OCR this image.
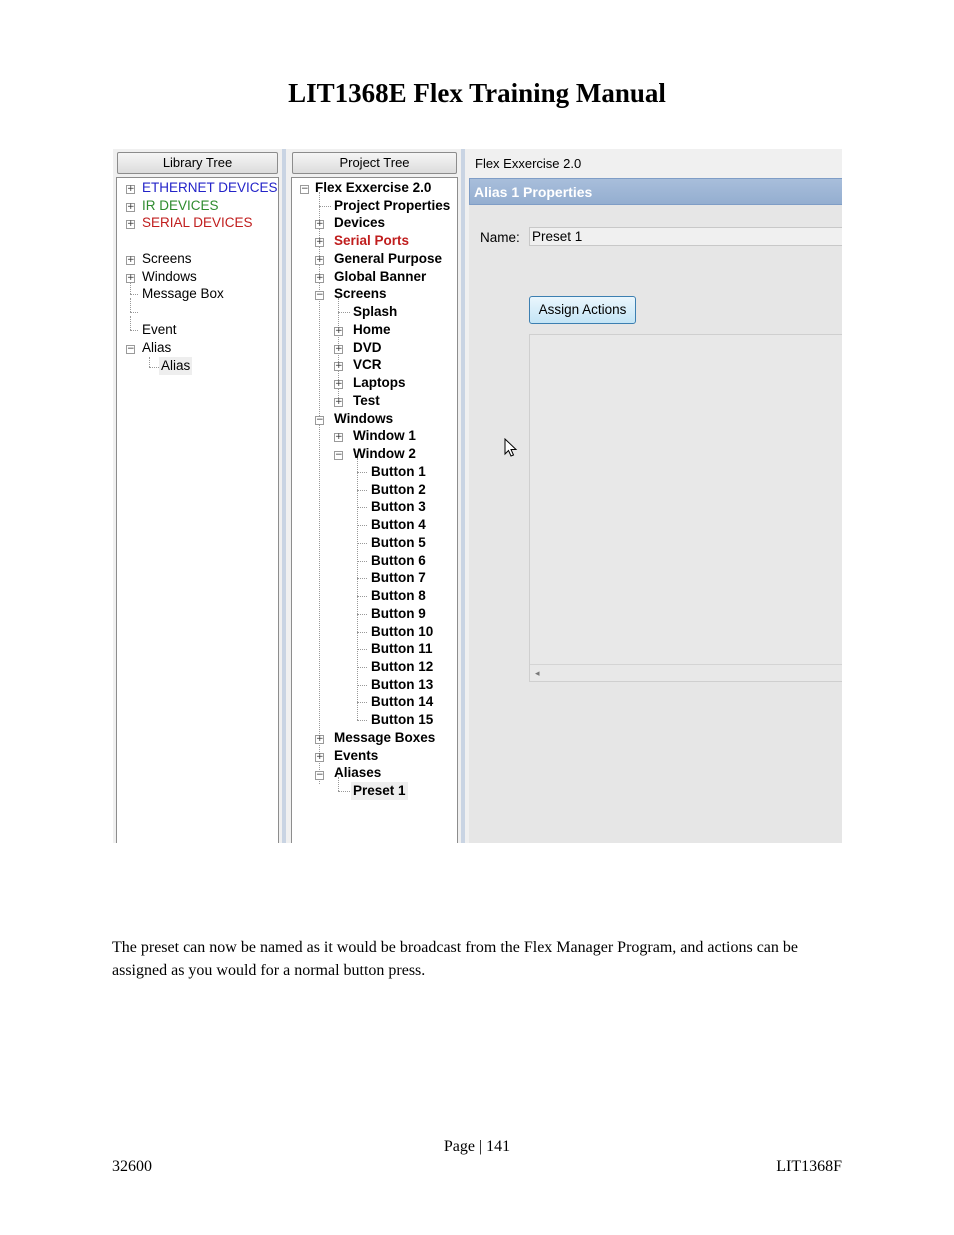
LIT1368E Flex Training Manual
Library Tree
+ ETHERNET DEVICES
+ IR DEVICES
+ SERIAL DEVICES
+ Screens
+ Windows
Message Box
Event
− Alias
Alias
Project Tree
− Flex Exxercise 2.0
Project Properties
+ Devices
+ Serial Ports
+ General Purpose
+ Global Banner
− Screens
Splash
+ Home
+ DVD
+ VCR
+ Laptops
+ Test
− Windows
+ Window 1
− Window 2
Button 1
Button 2
Button 3
Button 4
Button 5
Button 6
Button 7
Button 8
Button 9
Button 10
Button 11
Button 12
Button 13
Button 14
Button 15
+ Message Boxes
+ Events
− Aliases
Preset 1
Flex Exxercise 2.0
Alias 1 Properties
Name: Preset 1
Assign Actions
◂

The preset can now be named as it would be broadcast from the Flex Manager Program, and actions can be assigned as you would for a normal button press.

Page | 141
32600	LIT1368F
